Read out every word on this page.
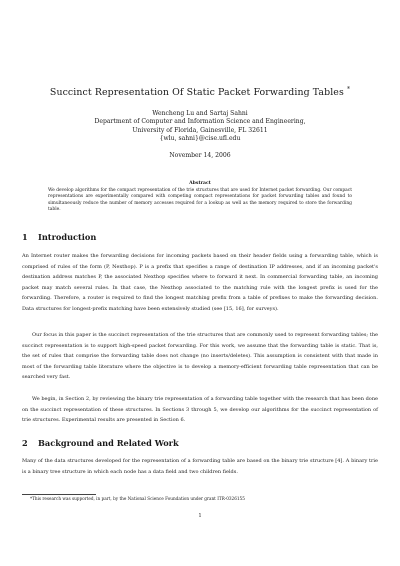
Succinct Representation Of Static Packet Forwarding Tables *
Wencheng Lu and Sartaj Sahni
Department of Computer and Information Science and Engineering,
University of Florida, Gainesville, FL 32611
{wlu, sahni}@cise.ufl.edu
November 14, 2006
Abstract
We develop algorithms for the compact representation of the trie structures that are used for Internet packet forwarding. Our compact representations are experimentally compared with competing compact representations for packet forwarding tables and found to simultaneously reduce the number of memory accesses required for a lookup as well as the memory required to store the forwarding table.
1 Introduction
An Internet router makes the forwarding decisions for incoming packets based on their header fields using a forwarding table, which is comprised of rules of the form (P, Nexthop). P is a prefix that specifies a range of destination IP addresses, and if an incoming packet's destination address matches P, the associated Nexthop specifies where to forward it next. In commercial forwarding table, an incoming packet may match several rules. In that case, the Nexthop associated to the matching rule with the longest prefix is used for the forwarding. Therefore, a router is required to find the longest matching prefix from a table of prefixes to make the forwarding decision. Data structures for longest-prefix matching have been extensively studied (see [15, 16], for surveys).
Our focus in this paper is the succinct representation of the trie structures that are commonly used to represent forwarding tables; the succinct representation is to support high-speed packet forwarding. For this work, we assume that the forwarding table is static. That is, the set of rules that comprise the forwarding table does not change (no inserts/deletes). This assumption is consistent with that made in most of the forwarding table literature where the objective is to develop a memory-efficient forwarding table representation that can be searched very fast.
We begin, in Section 2, by reviewing the binary trie representation of a forwarding table together with the research that has been done on the succinct representation of these structures. In Sections 3 through 5, we develop our algorithms for the succinct representation of trie structures. Experimental results are presented in Section 6.
2 Background and Related Work
Many of the data structures developed for the representation of a forwarding table are based on the binary trie structure [4]. A binary trie is a binary tree structure in which each node has a data field and two children fields.
*This research was supported, in part, by the National Science Foundation under grant ITR-0326155
1
